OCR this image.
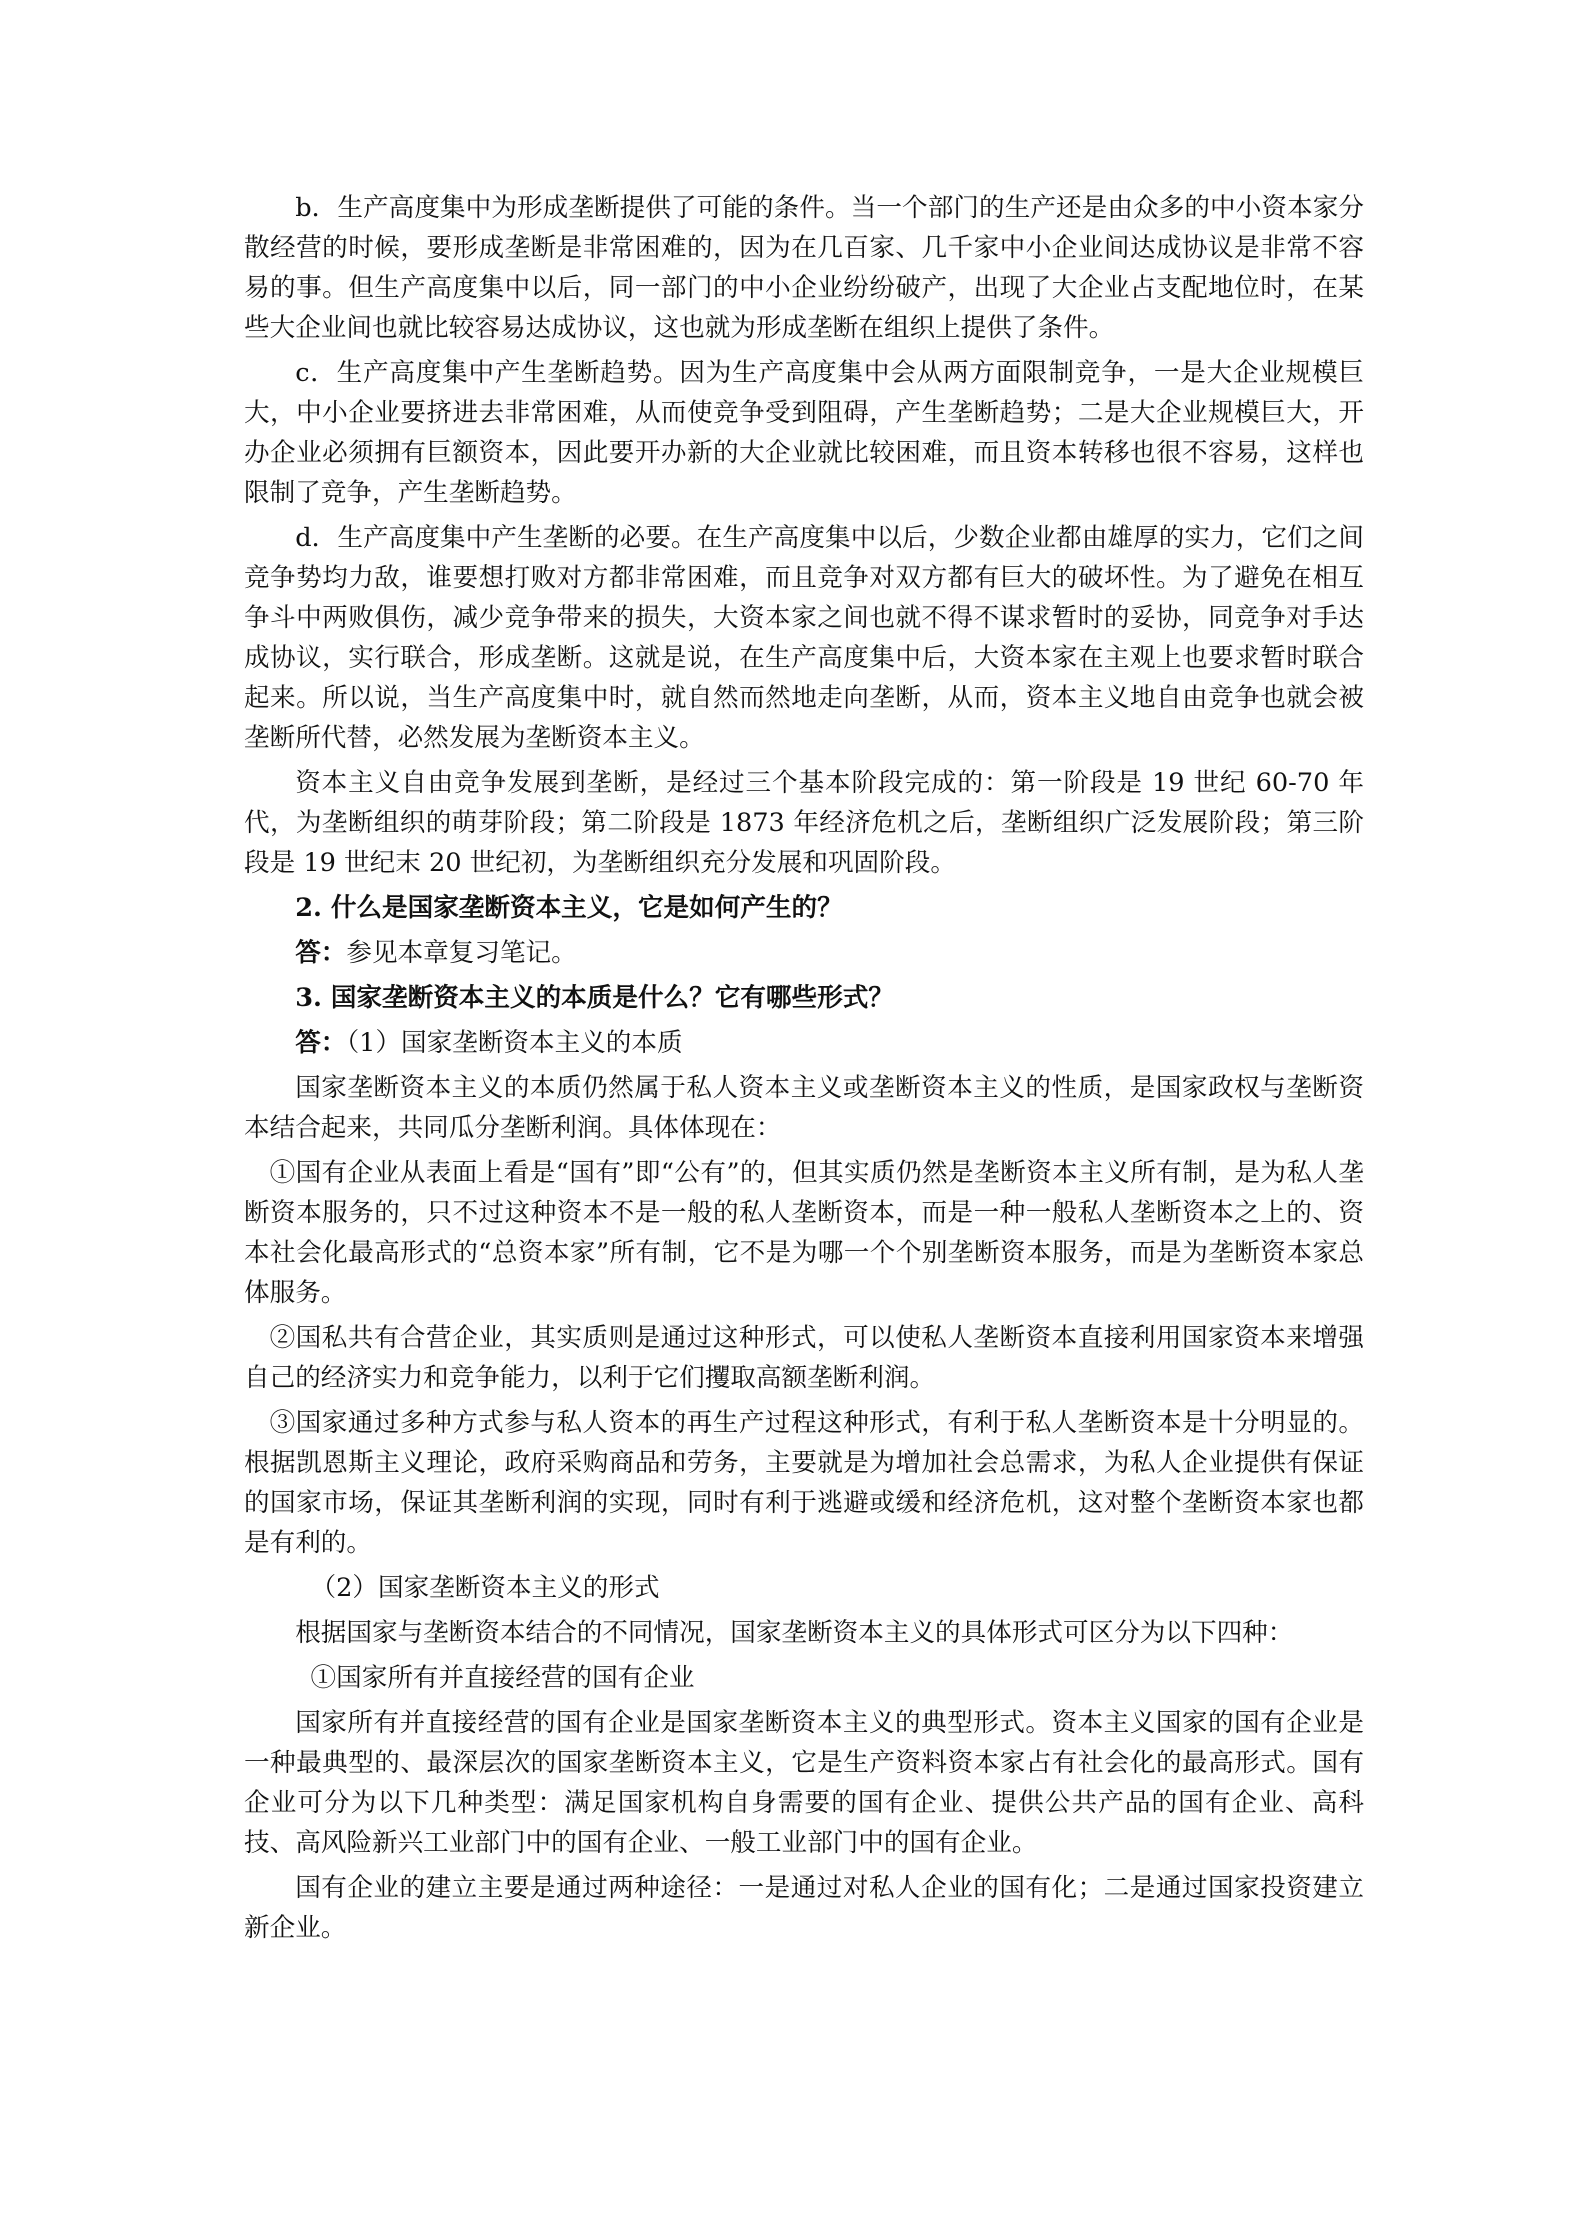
b．生产高度集中为形成垄断提供了可能的条件。当一个部门的生产还是由众多的中小资本家分散经营的时候，要形成垄断是非常困难的，因为在几百家、几千家中小企业间达成协议是非常不容易的事。但生产高度集中以后，同一部门的中小企业纷纷破产，出现了大企业占支配地位时，在某些大企业间也就比较容易达成协议，这也就为形成垄断在组织上提供了条件。

c．生产高度集中产生垄断趋势。因为生产高度集中会从两方面限制竞争，一是大企业规模巨大，中小企业要挤进去非常困难，从而使竞争受到阻碍，产生垄断趋势；二是大企业规模巨大，开办企业必须拥有巨额资本，因此要开办新的大企业就比较困难，而且资本转移也很不容易，这样也限制了竞争，产生垄断趋势。

d．生产高度集中产生垄断的必要。在生产高度集中以后，少数企业都由雄厚的实力，它们之间竞争势均力敌，谁要想打败对方都非常困难，而且竞争对双方都有巨大的破坏性。为了避免在相互争斗中两败俱伤，减少竞争带来的损失，大资本家之间也就不得不谋求暂时的妥协，同竞争对手达成协议，实行联合，形成垄断。这就是说，在生产高度集中后，大资本家在主观上也要求暂时联合起来。所以说，当生产高度集中时，就自然而然地走向垄断，从而，资本主义地自由竞争也就会被垄断所代替，必然发展为垄断资本主义。

资本主义自由竞争发展到垄断，是经过三个基本阶段完成的：第一阶段是 19 世纪 60-70 年代，为垄断组织的萌芽阶段；第二阶段是 1873 年经济危机之后，垄断组织广泛发展阶段；第三阶段是 19 世纪末 20 世纪初，为垄断组织充分发展和巩固阶段。

2. 什么是国家垄断资本主义，它是如何产生的？

答：参见本章复习笔记。

3. 国家垄断资本主义的本质是什么？它有哪些形式？

答：（1）国家垄断资本主义的本质

国家垄断资本主义的本质仍然属于私人资本主义或垄断资本主义的性质，是国家政权与垄断资本结合起来，共同瓜分垄断利润。具体体现在：

①国有企业从表面上看是“国有”即“公有”的，但其实质仍然是垄断资本主义所有制，是为私人垄断资本服务的，只不过这种资本不是一般的私人垄断资本，而是一种一般私人垄断资本之上的、资本社会化最高形式的“总资本家”所有制，它不是为哪一个个别垄断资本服务，而是为垄断资本家总体服务。

②国私共有合营企业，其实质则是通过这种形式，可以使私人垄断资本直接利用国家资本来增强自己的经济实力和竞争能力，以利于它们攫取高额垄断利润。

③国家通过多种方式参与私人资本的再生产过程这种形式，有利于私人垄断资本是十分明显的。根据凯恩斯主义理论，政府采购商品和劳务，主要就是为增加社会总需求，为私人企业提供有保证的国家市场，保证其垄断利润的实现，同时有利于逃避或缓和经济危机，这对整个垄断资本家也都是有利的。

（2）国家垄断资本主义的形式

根据国家与垄断资本结合的不同情况，国家垄断资本主义的具体形式可区分为以下四种：

①国家所有并直接经营的国有企业

国家所有并直接经营的国有企业是国家垄断资本主义的典型形式。资本主义国家的国有企业是一种最典型的、最深层次的国家垄断资本主义，它是生产资料资本家占有社会化的最高形式。国有企业可分为以下几种类型：满足国家机构自身需要的国有企业、提供公共产品的国有企业、高科技、高风险新兴工业部门中的国有企业、一般工业部门中的国有企业。

国有企业的建立主要是通过两种途径：一是通过对私人企业的国有化；二是通过国家投资建立新企业。
